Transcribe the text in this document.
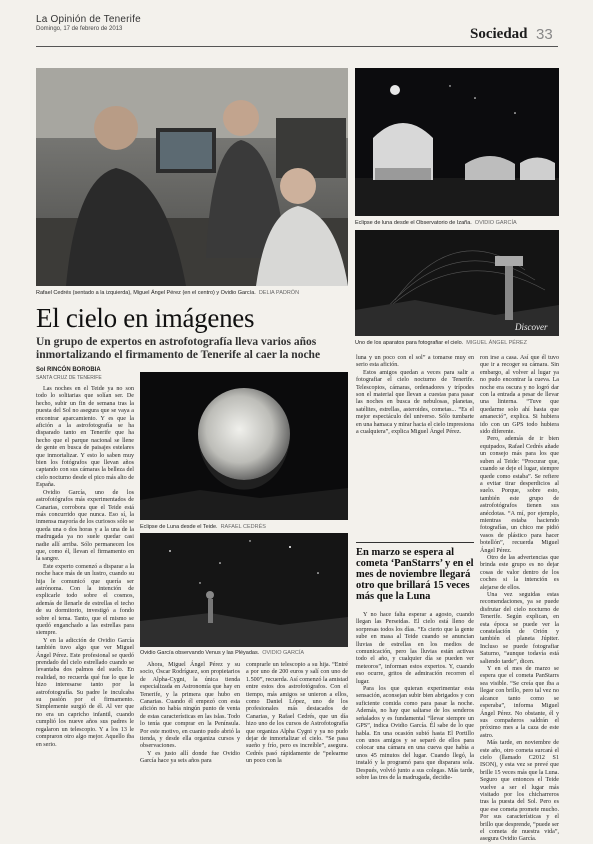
La Opinión de Tenerife
Domingo, 17 de febrero de 2013	Sociedad 33
Rafael Cedrés (sentado a la izquierda), Miguel Ángel Pérez (en el centro) y Ovidio García. DELIA PADRÓN
Eclipse de luna desde el Observatorio de Izaña. OVIDIO GARCÍA
Discover
Uno de los aparatos para fotografiar el cielo. MIGUEL ÁNGEL PÉREZ
El cielo en imágenes
Un grupo de expertos en astrofotografía lleva varios años inmortalizando el firmamento de Tenerife al caer la noche
Sol RINCÓN BOROBIA
SANTA CRUZ DE TENERIFE

Las noches en el Teide ya no son todo lo solitarias que solían ser. De hecho, subir un fin de semana tras la puesta del Sol no asegura que se vaya a encontrar aparcamiento. Y es que la afición a la astrofotografía se ha disparado tanto en Tenerife que ha hecho que el parque nacional se llene de gente en busca de paisajes estelares que inmortalizar. Y esto lo saben muy bien los fotógrafos que llevan años captando con sus cámaras la belleza del cielo nocturno desde el pico más alto de España.

Ovidio García, uno de los astrofotógrafos más experimentados de Canarias, corrobora que el Teide está más concurrido que nunca. Eso sí, la inmensa mayoría de los curiosos sólo se queda una o dos horas y a la una de la madrugada ya no suele quedar casi nadie allí arriba. Sólo permanecen los que, como él, llevan el firmamento en la sangre.

Este experto comenzó a disparar a la noche hace más de un lustro, cuando su hija le comunicó que quería ser astrónoma. Con la intención de explicarle todo sobre el cosmos, además de llenarle de estrellas el techo de su dormitorio, investigó a fondo sobre el tema. Tanto, que el mismo se quedó enganchado a las estrellas para siempre.

Y en la adicción de Ovidio García también tuvo algo que ver Miguel Ángel Pérez. Este profesional se quedó prendado del cielo estrellado cuando se levantaba dos palmos del suelo. En realidad, no recuerda qué fue lo que le hizo interesarse tanto por la astrofotografía. Su padre le inculcaba su pasión por el firmamento. Simplemente surgió de él. Al ver que no era un capricho infantil, cuando cumplió los nueve años sus padres le regalaron un telescopio. Y a los 13 le compraron otro algo mejor. Aquello iba en serio.

Eclipse de Luna desde el Teide. RAFAEL CEDRÉS
Ovidio García observando Venus y las Pléyadas. OVIDIO GARCÍA

Ahora, Miguel Ángel Pérez y su socio, Óscar Rodríguez, son propietarios de Alpha-Cygni, la única tienda especializada en Astronomía que hay en Tenerife, y la primera que hubo en Canarias. Cuando él empezó con esta afición no había ningún punto de venta de estas características en las islas. Todo lo tenía que comprar en la Península. Por este motivo, en cuanto pudo abrió la tienda, y desde ella organiza cursos y observaciones.

Y es justo allí donde fue Ovidio García hace ya seis años para

comprarle un telescopio a su hija. “Entré a por uno de 200 euros y salí con uno de 1.500”, recuerda. Así comenzó la amistad entre estos dos astrofotógrafos. Con el tiempo, más amigos se unieron a ellos, como Daniel López, uno de los profesionales más destacados de Canarias, y Rafael Cedrés, que un día hizo uno de los cursos de Astrofotografía que organiza Alpha Cygni y ya no pudo dejar de inmortalizar el cielo. “Se pasa sueño y frío, pero es increíble”, asegura. Cedrés pasó rápidamente de “pelearme un poco con la

luna y un poco con el sol” a tomarse muy en serio esta afición.

Estos amigos quedan a veces para salir a fotografiar el cielo nocturno de Tenerife. Telescopios, cámaras, ordenadores y trípodes son el material que llevan a cuestas para pasar las noches en busca de nebulosas, planetas, satélites, estrellas, asteroides, cometas... “Es el mejor espectáculo del universo. Sólo tumbarte en una hamaca y mirar hacia el cielo impresiona a cualquiera”, explica Miguel Ángel Pérez.

En marzo se espera al cometa ‘PanStarrs’ y en el mes de noviembre llegará otro que brillará 15 veces más que la Luna

Y no hace falta esperar a agosto, cuando llegan las Perseidas. El cielo está lleno de sorpresas todos los días. “Es cierto que la gente sube en masa al Teide cuando se anuncian lluvias de estrellas en los medios de comunicación, pero las lluvias están activas todo el año, y cualquier día se pueden ver meteoros”, informan estos expertos. Y, cuando eso ocurre, gritos de admiración recorren el lugar.

Para los que quieran experimentar esta sensación, aconsejan subir bien abrigados y con suficiente comida como para pasar la noche. Además, no hay que saltarse de los senderos señalados y es fundamental “llevar siempre un GPS”, indica Ovidio García. Él sabe de lo que habla. En una ocasión subió hasta El Portillo con unos amigos y se separó de ellos para colocar una cámara en una cueva que había a unos 45 minutos del lugar. Cuando llegó, la instaló y la programó para que disparara sola. Después, volvió junto a sus colegas. Más tarde, sobre las tres de la madrugada, decidie-

ron irse a casa. Así que él tuvo que ir a recoger su cámara. Sin embargo, al volver al lugar ya no pudo encontrar la cueva. La noche era oscura y no logró dar con la entrada a pesar de llevar una linterna. “Tuve que quedarme solo ahí hasta que amaneció”, explica. Si hubiera ido con un GPS todo hubiera sido diferente.

Pero, además de ir bien equipados, Rafael Cedrés añade un consejo más para los que suben al Teide: “Procurar que, cuando se deje el lugar, siempre quede como estaba”. Se refiere a evitar tirar desperdicios al suelo. Porque, sobre esto, también este grupo de astrofotógrafos tienen sus anécdotas. “A mí, por ejemplo, mientras estaba haciendo fotografías, un chico me pidió vasos de plástico para hacer botellón”, recuerda Miguel Ángel Pérez.

Otro de las advertencias que brinda este grupo es no dejar cosas de valor dentro de los coches si la intención es alejarse de ellos.

Una vez seguidas estas recomendaciones, ya se puede disfrutar del cielo nocturno de Tenerife. Según explican, en esta época se puede ver la constelación de Orión y también el planeta Júpiter. Incluso se puede fotografiar Saturno, “aunque todavía está saliendo tarde”, dicen.

Y en el mes de marzo se espera que el cometa PanStarrs sea visible. “Se creía que iba a llegar con brillo, pero tal vez no alcance tanto como se esperaba”, informa Miguel Ángel Pérez. No obstante, él y sus compañeros saldrán el próximo mes a la caza de este astro.

Más tarde, en noviembre de este año, otro cometa surcará el cielo (llamado C2012 S1 ISON), y esta vez se prevé que brille 15 veces más que la Luna. Seguro que entonces el Teide vuelve a ser el lugar más visitado por los chicharreros tras la puesta del Sol. Pero es que ese cometa promete mucho. Por sus características y el brillo que desprende, “puede ser el cometa de nuestra vida”, asegura Ovidio García.
